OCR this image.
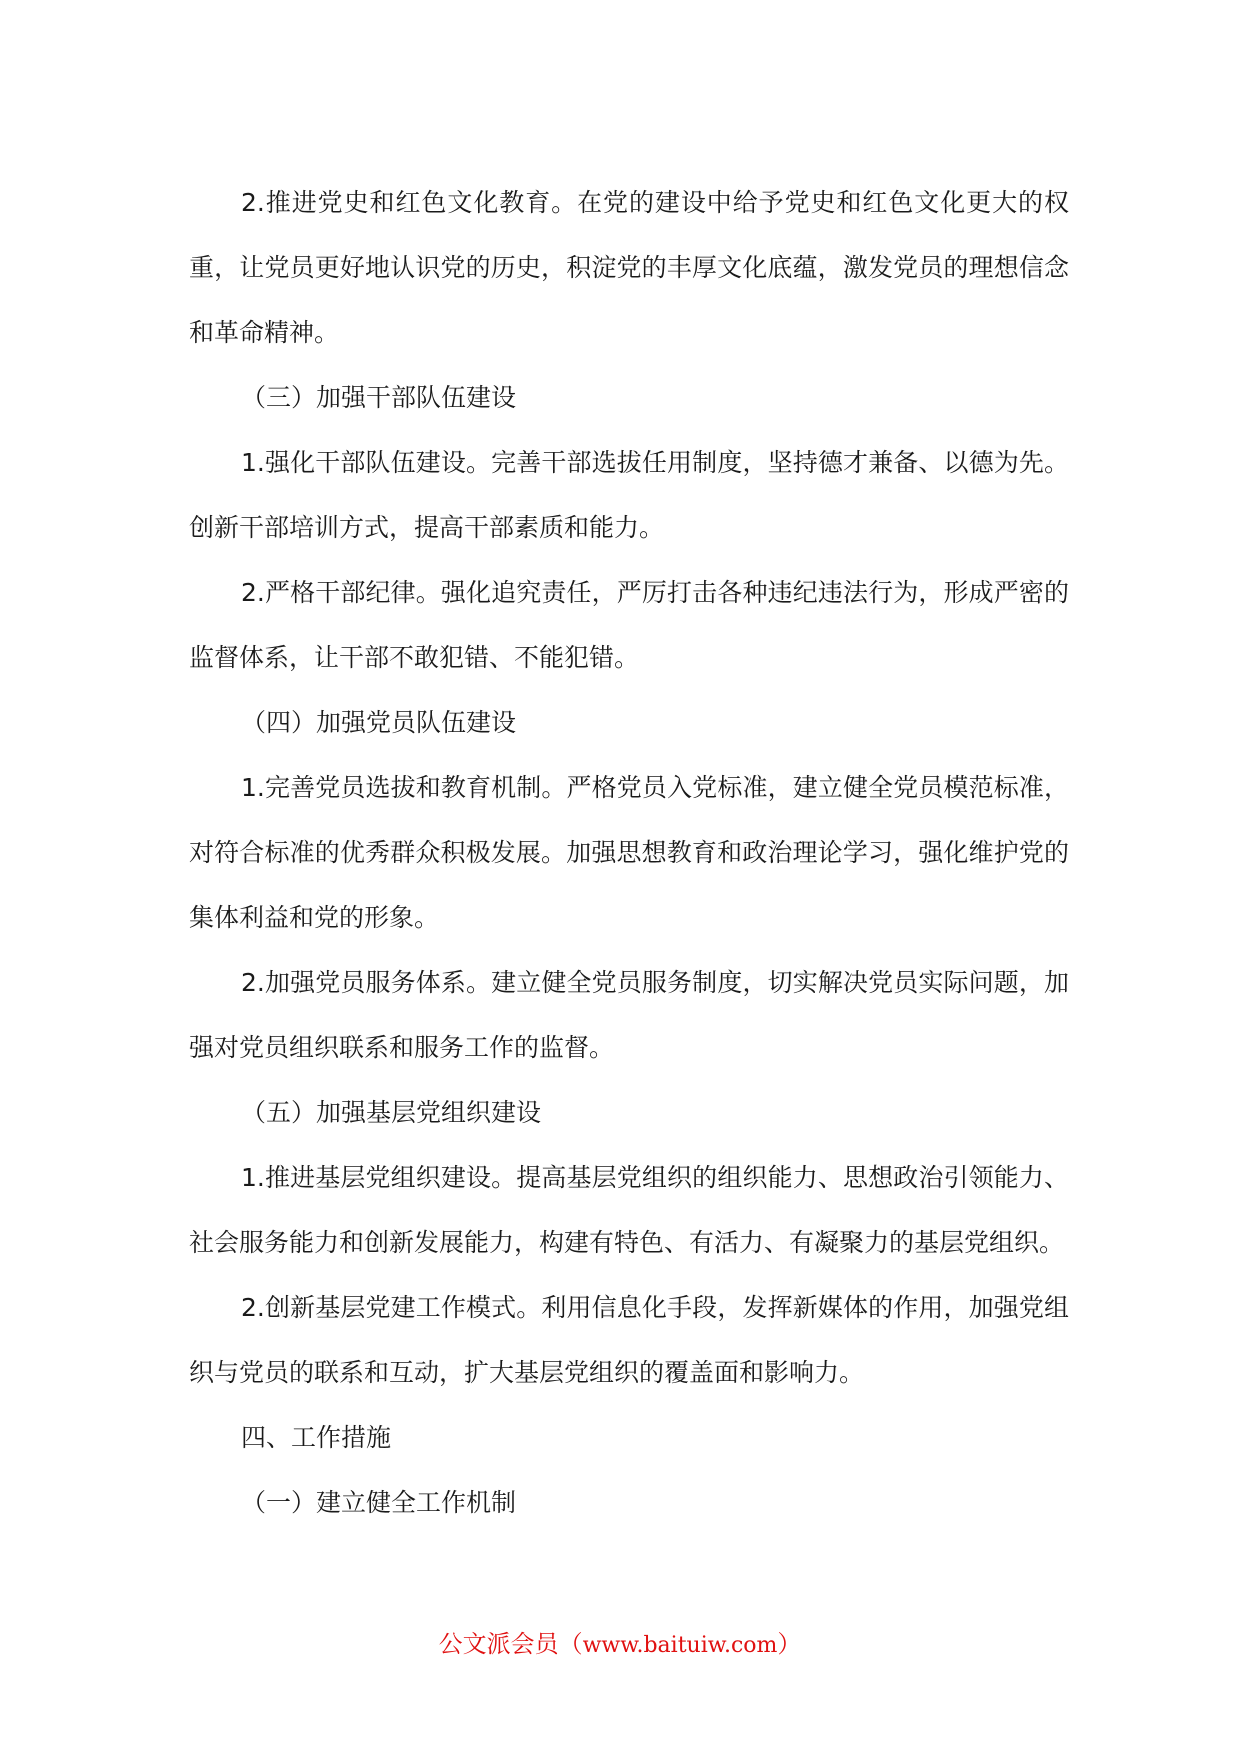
2.推进党史和红色文化教育。在党的建设中给予党史和红色文化更大的权重，让党员更好地认识党的历史，积淀党的丰厚文化底蕴，激发党员的理想信念和革命精神。

（三）加强干部队伍建设

1.强化干部队伍建设。完善干部选拔任用制度，坚持德才兼备、以德为先。创新干部培训方式，提高干部素质和能力。

2.严格干部纪律。强化追究责任，严厉打击各种违纪违法行为，形成严密的监督体系，让干部不敢犯错、不能犯错。

（四）加强党员队伍建设

1.完善党员选拔和教育机制。严格党员入党标准，建立健全党员模范标准，对符合标准的优秀群众积极发展。加强思想教育和政治理论学习，强化维护党的集体利益和党的形象。

2.加强党员服务体系。建立健全党员服务制度，切实解决党员实际问题，加强对党员组织联系和服务工作的监督。

（五）加强基层党组织建设

1.推进基层党组织建设。提高基层党组织的组织能力、思想政治引领能力、社会服务能力和创新发展能力，构建有特色、有活力、有凝聚力的基层党组织。

2.创新基层党建工作模式。利用信息化手段，发挥新媒体的作用，加强党组织与党员的联系和互动，扩大基层党组织的覆盖面和影响力。

四、工作措施

（一）建立健全工作机制

公文派会员（www.baituiw.com）
